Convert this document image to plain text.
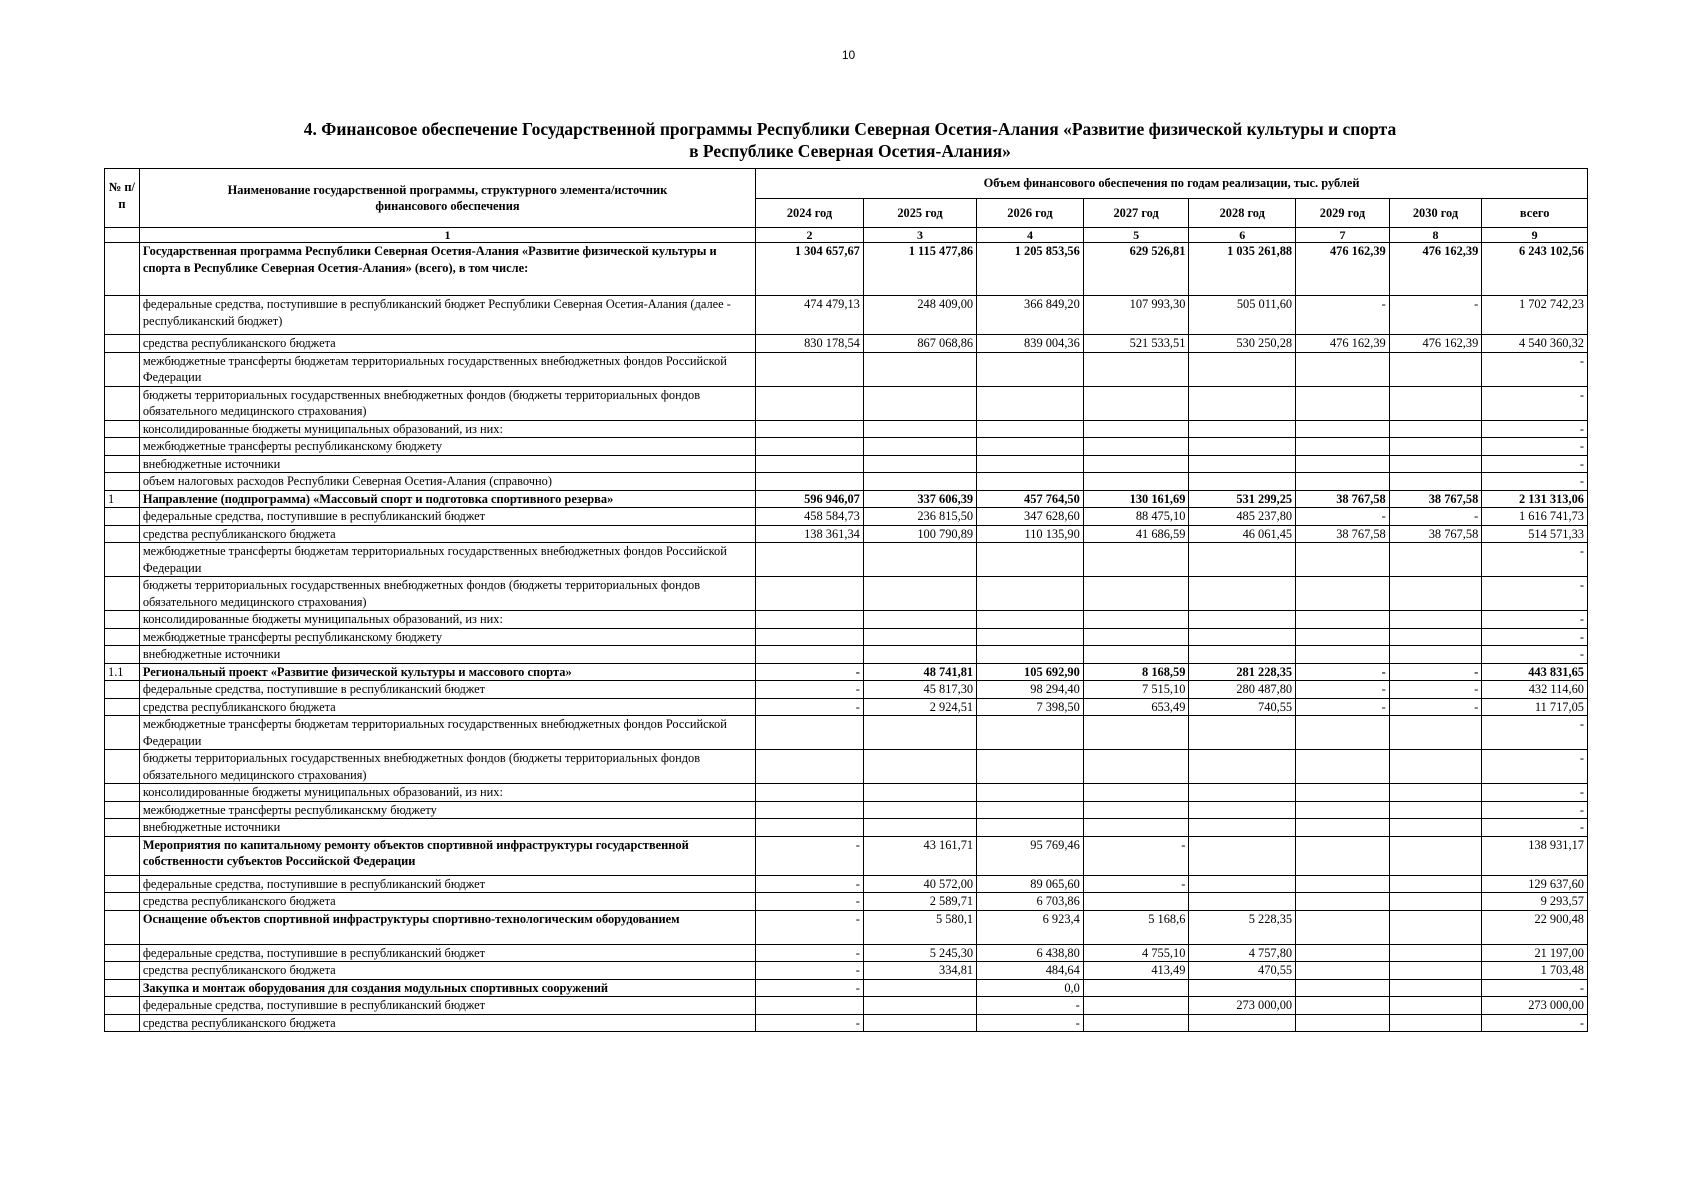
10
4. Финансовое обеспечение Государственной программы Республики Северная Осетия-Алания «Развитие физической культуры и спорта
в Республике Северная Осетия-Алания»
№ п/п	Наименование государственной программы, структурного элемента/источник финансового обеспечения	Объем финансового обеспечения по годам реализации, тыс. рублей							
		2024 год	2025 год	2026 год	2027 год	2028 год	2029 год	2030 год	всего
	1	2	3	4	5	6	7	8	9
	Государственная программа Республики Северная Осетия-Алания «Развитие физической культуры и спорта в Республике Северная Осетия-Алания» (всего), в том числе:	1 304 657,67	1 115 477,86	1 205 853,56	629 526,81	1 035 261,88	476 162,39	476 162,39	6 243 102,56
	федеральные средства, поступившие в республиканский бюджет Республики Северная Осетия-Алания (далее - республиканский бюджет)	474 479,13	248 409,00	366 849,20	107 993,30	505 011,60	-	-	1 702 742,23
	средства республиканского бюджета	830 178,54	867 068,86	839 004,36	521 533,51	530 250,28	476 162,39	476 162,39	4 540 360,32
	межбюджетные трансферты бюджетам территориальных государственных внебюджетных фондов Российской Федерации								-
	бюджеты территориальных государственных внебюджетных фондов (бюджеты территориальных фондов обязательного медицинского страхования)								-
	консолидированные бюджеты муниципальных образований, из них:								-
	межбюджетные трансферты республиканскому бюджету								-
	внебюджетные источники								-
	объем налоговых расходов Республики Северная Осетия-Алания (справочно)								-
1	Направление (подпрограмма) «Массовый спорт и подготовка спортивного резерва»	596 946,07	337 606,39	457 764,50	130 161,69	531 299,25	38 767,58	38 767,58	2 131 313,06
	федеральные средства, поступившие в республиканский бюджет	458 584,73	236 815,50	347 628,60	88 475,10	485 237,80	-	-	1 616 741,73
	средства республиканского бюджета	138 361,34	100 790,89	110 135,90	41 686,59	46 061,45	38 767,58	38 767,58	514 571,33
	межбюджетные трансферты бюджетам территориальных государственных внебюджетных фондов Российской Федерации								-
	бюджеты территориальных государственных внебюджетных фондов (бюджеты территориальных фондов обязательного медицинского страхования)								-
	консолидированные бюджеты муниципальных образований, из них:								-
	межбюджетные трансферты республиканскому бюджету								-
	внебюджетные источники								-
1.1	Региональный проект «Развитие физической культуры и массового спорта»	-	48 741,81	105 692,90	8 168,59	281 228,35	-	-	443 831,65
	федеральные средства, поступившие в республиканский бюджет	-	45 817,30	98 294,40	7 515,10	280 487,80	-	-	432 114,60
	средства республиканского бюджета	-	2 924,51	7 398,50	653,49	740,55	-	-	11 717,05
	межбюджетные трансферты бюджетам территориальных государственных внебюджетных фондов Российской Федерации								-
	бюджеты территориальных государственных внебюджетных фондов (бюджеты территориальных фондов обязательного медицинского страхования)								-
	консолидированные бюджеты муниципальных образований, из них:								-
	межбюджетные трансферты республиканскму бюджету								-
	внебюджетные источники								-
	Мероприятия по капитальному ремонту объектов спортивной инфраструктуры государственной собственности субъектов Российской Федерации	-	43 161,71	95 769,46	-				138 931,17
	федеральные средства, поступившие в республиканский бюджет	-	40 572,00	89 065,60	-				129 637,60
	средства республиканского бюджета	-	2 589,71	6 703,86					9 293,57
	Оснащение объектов спортивной инфраструктуры спортивно-технологическим оборудованием	-	5 580,1	6 923,4	5 168,6	5 228,35			22 900,48
	федеральные средства, поступившие в республиканский бюджет	-	5 245,30	6 438,80	4 755,10	4 757,80			21 197,00
	средства республиканского бюджета	-	334,81	484,64	413,49	470,55			1 703,48
	Закупка и монтаж оборудования для создания модульных спортивных сооружений	-		0,0					-
	федеральные средства, поступившие в республиканский бюджет			-		273 000,00			273 000,00
	средства республиканского бюджета	-		-					-
